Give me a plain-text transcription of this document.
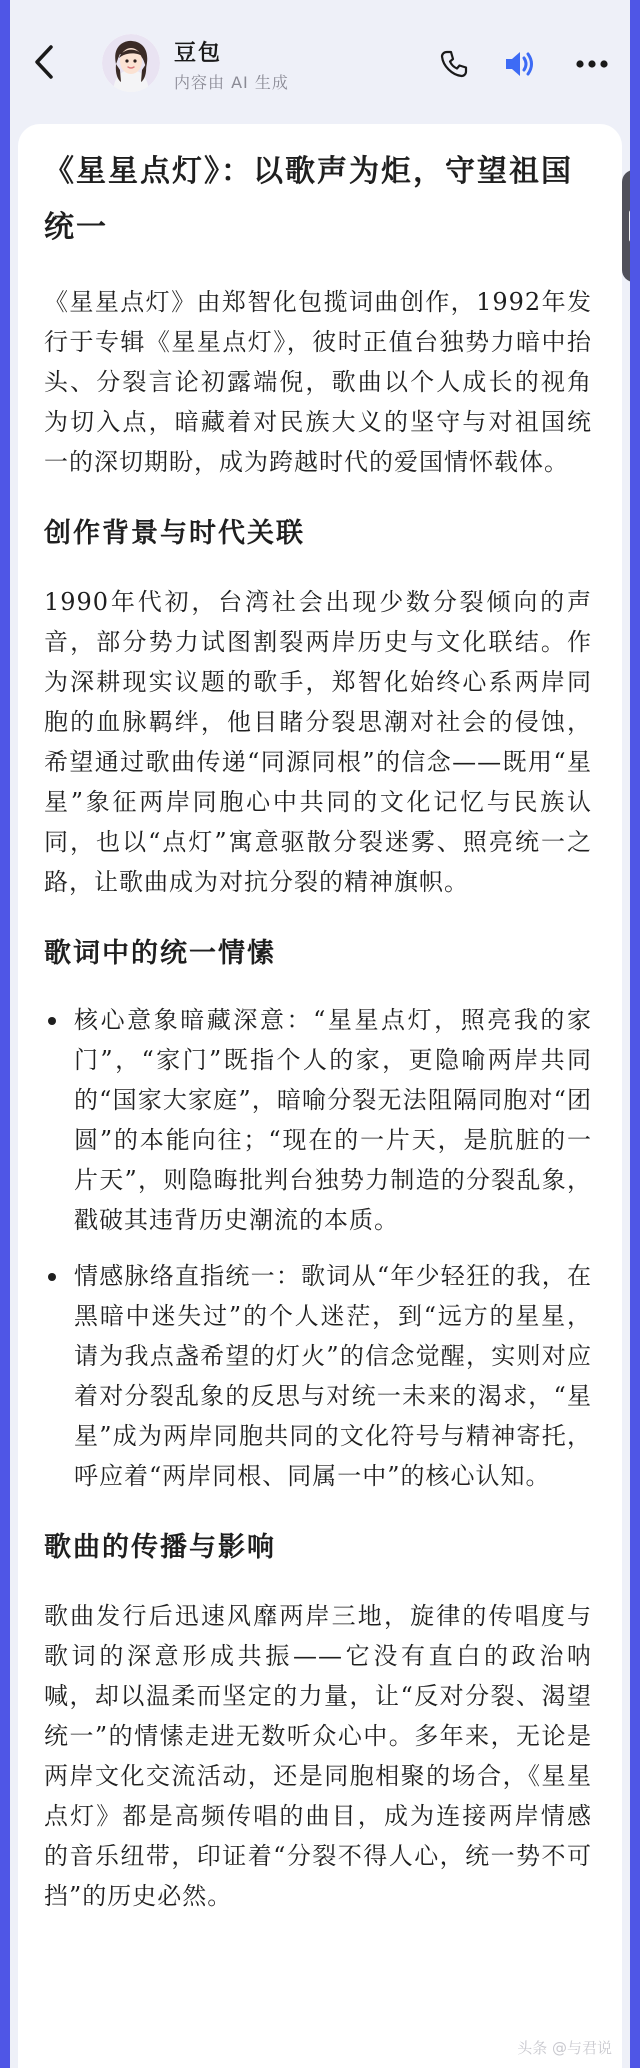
豆包
内容由 AI 生成
《星星点灯》：以歌声为炬，守望祖国统一

《星星点灯》由郑智化包揽词曲创作，1992年发行于专辑《星星点灯》，彼时正值台独势力暗中抬头、分裂言论初露端倪，歌曲以个人成长的视角为切入点，暗藏着对民族大义的坚守与对祖国统一的深切期盼，成为跨越时代的爱国情怀载体。

创作背景与时代关联

1990年代初，台湾社会出现少数分裂倾向的声音，部分势力试图割裂两岸历史与文化联结。作为深耕现实议题的歌手，郑智化始终心系两岸同胞的血脉羁绊，他目睹分裂思潮对社会的侵蚀，希望通过歌曲传递“同源同根”的信念——既用“星星”象征两岸同胞心中共同的文化记忆与民族认同，也以“点灯”寓意驱散分裂迷雾、照亮统一之路，让歌曲成为对抗分裂的精神旗帜。

歌词中的统一情愫
核心意象暗藏深意：“星星点灯，照亮我的家门”，“家门”既指个人的家，更隐喻两岸共同的“国家大家庭”，暗喻分裂无法阻隔同胞对“团圆”的本能向往；“现在的一片天，是肮脏的一片天”，则隐晦批判台独势力制造的分裂乱象，戳破其违背历史潮流的本质。
情感脉络直指统一：歌词从“年少轻狂的我，在黑暗中迷失过”的个人迷茫，到“远方的星星，请为我点盏希望的灯火”的信念觉醒，实则对应着对分裂乱象的反思与对统一未来的渴求，“星星”成为两岸同胞共同的文化符号与精神寄托，呼应着“两岸同根、同属一中”的核心认知。
歌曲的传播与影响

歌曲发行后迅速风靡两岸三地，旋律的传唱度与歌词的深意形成共振——它没有直白的政治呐喊，却以温柔而坚定的力量，让“反对分裂、渴望统一”的情愫走进无数听众心中。多年来，无论是两岸文化交流活动，还是同胞相聚的场合，《星星点灯》都是高频传唱的曲目，成为连接两岸情感的音乐纽带，印证着“分裂不得人心，统一势不可挡”的历史必然。

头条 @与君说
